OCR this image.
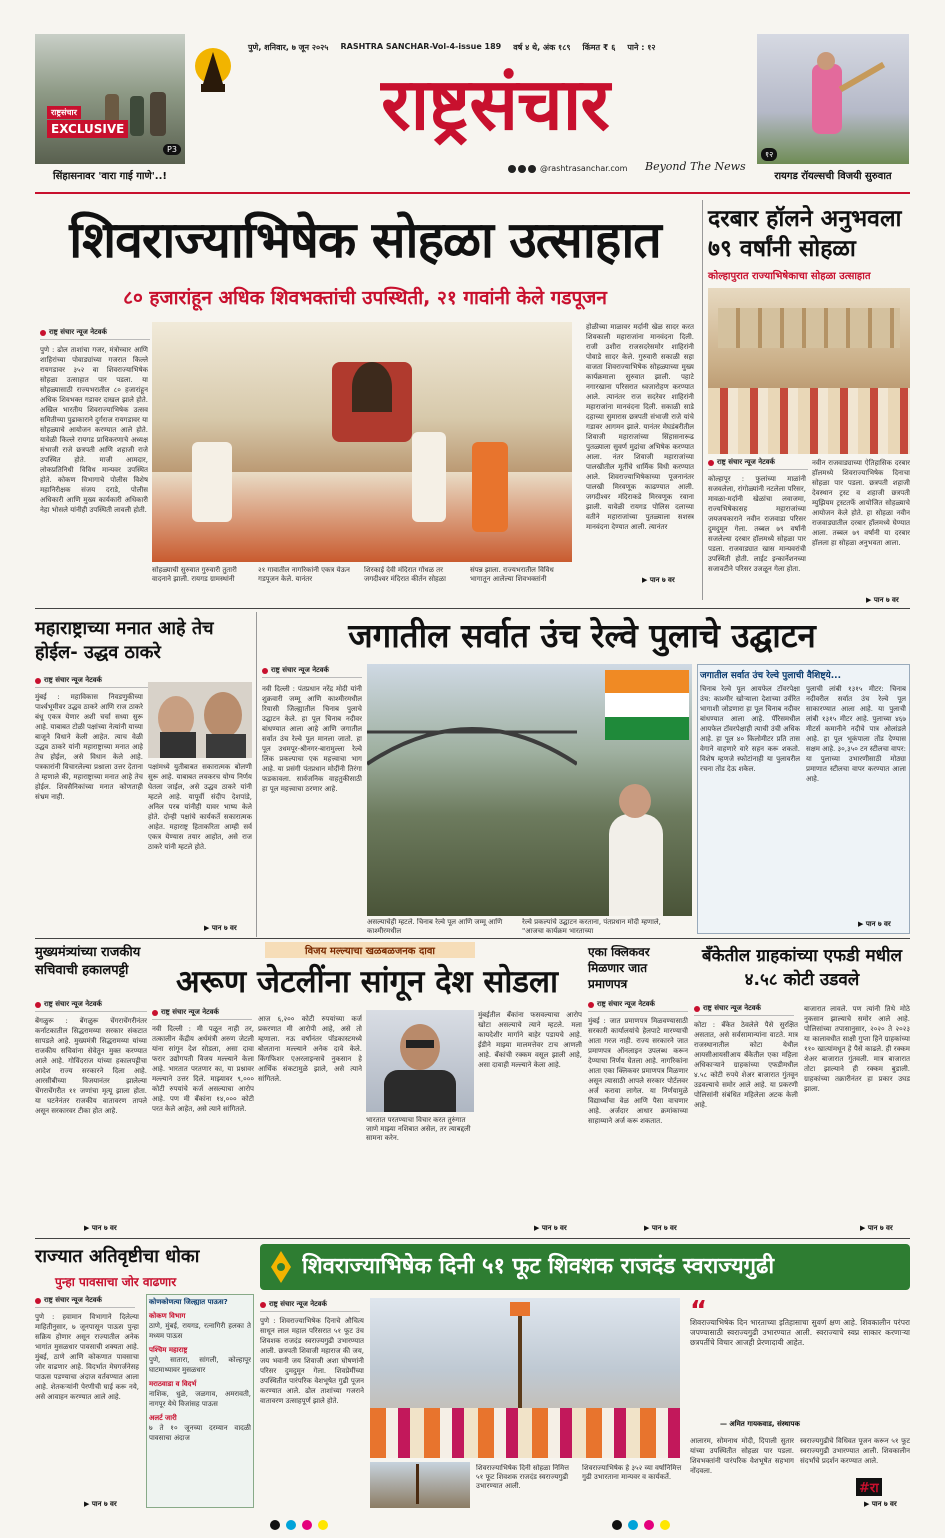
राष्ट्रसंचार
EXCLUSIVE
P3
सिंहासनावर 'वारा गाई गाणे'..!
पुणे, शनिवार, ७ जून २०२५ RASHTRA SANCHAR-Vol-4-issue 189 वर्ष ४ थे, अंक १८९ किंमत ₹ ६ पाने : १२
राष्ट्रसंचार
@rashtrasanchar.com Beyond The News
१२
रायगड रॉयल्सची विजयी सुरुवात
शिवराज्याभिषेक सोहळा उत्साहात
८० हजारांहून अधिक शिवभक्तांची उपस्थिती, २१ गावांनी केले गडपूजन
राष्ट्र संचार न्यूज नेटवर्क
पुणे : ढोल ताशांचा गजर, मंत्रोच्चार आणि शाहिरांच्या पोवाड्यांच्या गजरात किल्ले रायगडावर ३५२ वा शिवराज्याभिषेक सोहळा उत्साहात पार पडला. या सोहळ्यासाठी राज्यभरातील ८० हजारांहून अधिक शिवभक्त गडावर दाखल झाले होते. अखिल भारतीय शिवराज्याभिषेक उत्सव समितीच्या पुढाकाराने दुर्गराज रायगडावर या सोहळ्याचे आयोजन करण्यात आले होते. यावेळी किल्ले रायगड प्राधिकरणाचे अध्यक्ष संभाजी राजे छत्रपती आणि शहाजी राजे उपस्थित होते. माजी आमदार, लोकप्रतिनिधी विविध मान्यवर उपस्थित होते. कोकण विभागाचे पोलीस विशेष महानिरीक्षक संजय दराडे, पोलीस अधिकारी आणि मुख्य कार्यकारी अधिकारी नेहा भोसले यांनीही उपस्थिती लावली होती.
सोहळ्याची सुरुवात गुरुवारी तुतारी वादनाने झाली. रायगड ग्रामस्थांनी
२१ गावातील नागरिकांनी एकत्र येऊन गडपूजन केले. यानंतर
शिरकाई देवी मंदिरात गोंधळ तर जगदीश्वर मंदिरात कीर्तन सोहळा
संपन्न झाला. राज्यभरातील विविध भागातून आलेल्या शिवभक्तांनी
होळीच्या माळावर मर्दानी खेळ सादर करत शिवकाली महाराजांना मानवंदना दिली. राजी उशीरा राजसदरेसमोर शाहिरांनी पोवाडे सादर केले. गुरुवारी सकाळी सहा वाजता शिवराज्याभिषेक सोहळ्याच्या मुख्य कार्यक्रमाला सुरुवात झाली. पहाटे नगारखाना परिसरात ध्वजारोहण करण्यात आले. त्यानंतर राज सदरेवर शाहिरांनी महाराजांना मानवंदना दिली. सकाळी साडे दहाच्या सुमारास छत्रपती संभाजी राजे यांचे गडावर आगमन झाले. यानंतर मेघडंबरीतील शिवाजी महाराजांच्या सिंहासनारूढ पुतळ्याला सुवर्ण मुद्रांचा अभिषेक करण्यात आला. नंतर शिवाजी महाराजांच्या पालखीतील मूर्तीचे धार्मिक विधी करण्यात आले. शिवराज्याभिषेकाच्या पूजनानंतर पालखी मिरवणूक काढण्यात आली. जगदीश्वर मंदिराकडे मिरवणूक रवाना झाली. यावेळी रायगड पोलिस दलाच्या वतीने महाराजांच्या पुतळ्याला सशस्त्र मानवंदना देण्यात आली. त्यानंतर
▶ पान ७ वर
दरबार हॉलने अनुभवला ७९ वर्षांनी सोहळा
कोल्हापुरात राज्याभिषेकाचा सोहळा उत्साहात
राष्ट्र संचार न्यूज नेटवर्क
कोल्हापूर : फुलांच्या माळांनी सजवलेला, रांगोळ्यांनी नटलेला परिसर, मावळा-मर्दानी खेळांचा लवाजमा, राज्यभिषेकासह महाराजांच्या जयजयकाराने नवीन राजवाडा परिसर दुमदुमून गेला. तब्बल ७९ वर्षांनी सजलेल्या दरबार हॉलमध्ये सोहळा पार पडला. राजवाड्यात खास मान्यवरांची उपस्थिती होती. लाईट इन्कार्नेशनच्या सजावटीने परिसर उजळून गेला होता.
नवीन राजवाड्याच्या ऐतिहासिक दरबार हॉलमध्ये शिवराज्याभिषेक दिनाचा सोहळा पार पडला. छत्रपती शहाजी देवस्थान ट्रस्ट व शहाजी छत्रपती म्युझियम ट्रस्टतर्फे आयोजित सोहळ्याचे आयोजन केले होते. हा सोहळा नवीन राजवाड्यातील दरबार हॉलमध्ये घेण्यात आला. तब्बल ७९ वर्षांनी या दरबार हॉलला हा सोहळा अनुभवता आला.
▶ पान ७ वर
महाराष्ट्राच्या मनात आहे तेच होईल- उद्धव ठाकरे
राष्ट्र संचार न्यूज नेटवर्क
मुंबई : महाविकास निवडणुकीच्या पार्श्वभूमीवर उद्धव ठाकरे आणि राज ठाकरे बंधू एकत्र येणार अशी चर्चा सध्या सुरू आहे. याबाबत टोळी पक्षांच्या नेत्यांनी याच्या बाजूने विधाने केली आहेत. त्याच वेळी उद्धव ठाकरे यांनी महाराष्ट्राच्या मनात आहे तेच होईल, असे विधान केले आहे. पत्रकारांनी विचारलेल्या प्रश्नाला उत्तर देताना ते म्हणाले की, महाराष्ट्राच्या मनात आहे तेच होईल. शिवसैनिकांच्या मनात कोणताही संभ्रम नाही.
पक्षांमध्ये युतीबाबत सकारात्मक बोलणी सुरू आहे. याबाबत लवकरच योग्य निर्णय घेतला जाईल, असे उद्धव ठाकरे यांनी म्हटले आहे. यापूर्वी संदीप देशपांडे, अनिल परब यांनीही यावर भाष्य केले होते. दोन्ही पक्षांचे कार्यकर्ते सकारात्मक आहेत. महाराष्ट्र हिताकरिता आम्ही सर्व एकत्र येण्यास तयार आहोत, असे राज ठाकरे यांनी म्हटले होते.
▶ पान ७ वर
जगातील सर्वात उंच रेल्वे पुलाचे उद्घाटन
राष्ट्र संचार न्यूज नेटवर्क
नवी दिल्ली : पंतप्रधान नरेंद्र मोदी यांनी शुक्रवारी जम्मू आणि काश्मीरमधील रियासी जिल्ह्यातील चिनाब पुलाचे उद्घाटन केले. हा पूल चिनाब नदीवर बांधण्यात आला आहे आणि जगातील सर्वात उंच रेल्वे पूल मानला जातो. हा पूल उधमपूर-श्रीनगर-बारामुल्ला रेल्वे लिंक प्रकल्पाचा एक महत्त्वाचा भाग आहे. या प्रसंगी पंतप्रधान मोदींनी तिरंगा फडकावला. सार्वजनिक वाहतुकीसाठी हा पूल महत्त्वाचा ठरणार आहे.
असल्याचेही म्हटले. चिनाब रेल्वे पूल आणि जम्मू आणि काश्मीरमधील
रेल्वे प्रकल्पांचे उद्घाटन करताना, पंतप्रधान मोदी म्हणाले, "आजचा कार्यक्रम भारताच्या
जगातील सर्वात उंच रेल्वे पुलाची वैशिष्ट्ये...
चिनाब रेल्वे पूल आयफेल टॉवरपेक्षा उंच: काश्मीर खोऱ्याला देशाच्या उर्वरित भागाशी जोडणारा हा पूल चिनाब नदीवर बांधण्यात आला आहे. पॅरिसमधील आयफेल टॉवरपेक्षाही त्याची उंची अधिक आहे. हा पूल ४० किलोमीटर प्रति तास वेगाने वाहणारे वारे सहन करू शकतो. विशेष म्हणजे स्फोटांनाही या पुलावरील रचना तोंड देऊ शकेल.
पुलाची लांबी १३१५ मीटर: चिनाब नदीवरील सर्वात उंच रेल्वे पूल साकारण्यात आला आहे. या पुलाची लांबी १३१५ मीटर आहे. पुलाच्या ४६७ मीटर्स कमानीने नदीचे पात्र ओलांडले आहे. हा पूल भूकंपाला तोंड देण्यास सक्षम आहे. ३०,३५० टन स्टीलचा वापर: या पुलाच्या उभारणीसाठी मोठ्या प्रमाणात स्टीलचा वापर करण्यात आला आहे.
▶ पान ७ वर
मुख्यमंत्र्यांच्या राजकीय सचिवाची हकालपट्टी
राष्ट्र संचार न्यूज नेटवर्क
बेंगळुरू : बेंगळुरू चेंगराचेंगरीनंतर कर्नाटकातील सिद्धरामय्या सरकार संकटात सापडले आहे. मुख्यमंत्री सिद्धरामय्या यांच्या राजकीय सचिवांना सेवेतून मुक्त करण्यात आले आहे. गोविंदराज यांच्या हकालपट्टीचा आदेश राज्य सरकारने दिला आहे. आरसीबीच्या विजयानंतर झालेल्या चेंगराचेंगरीत ११ जणांचा मृत्यू झाला होता. या घटनेनंतर राजकीय वातावरण तापले असून सरकारवर टीका होत आहे.
▶ पान ७ वर
विजय मल्ल्याचा खळबळजनक दावा
अरूण जेटलींना सांगून देश सोडला
राष्ट्र संचार न्यूज नेटवर्क
नवी दिल्ली : मी पळून नाही तर, तत्कालीन केंद्रीय अर्थमंत्री अरुण जेटली यांना सांगून देश सोडला, असा दावा फरार उद्योगपती विजय मल्ल्याने केला आहे. भारतात परतणार का, या प्रश्नावर मल्ल्याने उत्तर दिले. माझ्यावर ९,००० कोटी रुपयांचे कर्ज असल्याचा आरोप आहे. पण मी बँकांना १४,००० कोटी परत केले आहेत, असे त्याने सांगितले.
आज ६,२०० कोटी रुपयांच्या कर्ज प्रकरणात मी आरोपी आहे, असे तो म्हणाला. नऊ वर्षांनंतर पॉडकास्टमध्ये बोलताना मल्ल्याने अनेक दावे केले. किंगफिशर एअरलाइन्सचे नुकसान हे आर्थिक संकटामुळे झाले, असे त्याने सांगितले.
भारतात परतण्याचा विचार करत तुरुंगात जाणे माझ्या नशिबात असेल, तर त्याबद्दली सामना करेन.
मुंबईतील बँकांना फसवल्याचा आरोप खोटा असल्याचे त्याने म्हटले. मला कायदेशीर मार्गाने बाहेर पडायचे आहे. ईडीने माझ्या मालमत्तेवर टाच आणली आहे. बँकांची रक्कम वसूल झाली आहे, असा दावाही मल्ल्याने केला आहे.
▶ पान ७ वर
एका क्लिकवर मिळणार जात प्रमाणपत्र
राष्ट्र संचार न्यूज नेटवर्क
मुंबई : जात प्रमाणपत्र मिळवण्यासाठी सरकारी कार्यालयांचे हेलपाटे मारण्याची आता गरज नाही. राज्य सरकारने जात प्रमाणपत्र ऑनलाइन उपलब्ध करून देण्याचा निर्णय घेतला आहे. नागरिकांना आता एका क्लिकवर प्रमाणपत्र मिळणार असून त्यासाठी आपले सरकार पोर्टलवर अर्ज करावा लागेल. या निर्णयामुळे विद्यार्थ्यांचा वेळ आणि पैसा वाचणार आहे. अर्जदार आधार क्रमांकाच्या साहाय्याने अर्ज करू शकतात.
▶ पान ७ वर
बँकेतील ग्राहकांच्या एफडी मधील ४.५८ कोटी उडवले
राष्ट्र संचार न्यूज नेटवर्क
कोटा : बँकेत ठेवलेले पैसे सुरक्षित असतात, असे सर्वसामान्यांना वाटते. मात्र राजस्थानातील कोटा येथील आयसीआयसीआय बँकेतील एका महिला अधिकाऱ्याने ग्राहकांच्या एफडीमधील ४.५८ कोटी रुपये शेअर बाजारात गुंतवून उडवल्याचे समोर आले आहे. या प्रकरणी पोलिसांनी संबंधित महिलेला अटक केली आहे.
बाजारात लावले. पण त्यांनी तिथे मोठे नुकसान झाल्याचे समोर आले आहे. पोलिसांच्या तपासानुसार, २०२० ते २०२३ या कालावधीत साक्षी गुप्ता हिने ग्राहकांच्या ११० खात्यांमधून हे पैसे काढले. ही रक्कम शेअर बाजारात गुंतवली. मात्र बाजारात तोटा झाल्याने ही रक्कम बुडाली. ग्राहकांच्या तक्रारीनंतर हा प्रकार उघड झाला.
▶ पान ७ वर
राज्यात अतिवृष्टीचा धोका
पुन्हा पावसाचा जोर वाढणार
राष्ट्र संचार न्यूज नेटवर्क
पुणे : हवामान विभागाने दिलेल्या माहितीनुसार, ७ जूनपासून पाऊस पुन्हा सक्रिय होणार असून राज्यातील अनेक भागांत मुसळधार पावसाची शक्यता आहे. मुंबई, ठाणे आणि कोकणात पावसाचा जोर वाढणार आहे. विदर्भात मेघगर्जनेसह पाऊस पडण्याचा अंदाज वर्तवण्यात आला आहे. शेतकऱ्यांनी पेरणीची घाई करू नये, असे आवाहन करण्यात आले आहे.
कोणकोणत्या जिल्ह्यात पाऊस?
कोकण विभाग
ठाणे, मुंबई, रायगड, रत्नागिरी हलका ते मध्यम पाऊस
पश्चिम महाराष्ट्र
पुणे, सातारा, सांगली, कोल्हापूर घाटमाथ्यावर मुसळधार
मराठवाडा व विदर्भ
नाशिक, धुळे, जळगाव, अमरावती, नागपूर येथे विजांसह पाऊस
अलर्ट जारी
७ ते १० जूनच्या दरम्यान वादळी पावसाचा अंदाज
▶ पान ७ वर
शिवराज्याभिषेक दिनी ५१ फूट शिवशक राजदंड स्वराज्यगुढी
राष्ट्र संचार न्यूज नेटवर्क
पुणे : शिवराज्याभिषेक दिनाचे औचित्य साधून लाल महाल परिसरात ५१ फूट उंच शिवशक राजदंड स्वराज्यगुढी उभारण्यात आली. छत्रपती शिवाजी महाराज की जय, जय भवानी जय शिवाजी अशा घोषणांनी परिसर दुमदुमून गेला. शिवप्रेमींच्या उपस्थितीत पारंपरिक वेशभूषेत गुढी पूजन करण्यात आले. ढोल ताशांच्या गजराने वातावरण उत्साहपूर्ण झाले होते.
शिवराज्याभिषेक दिनी सोहळा निमित्त ५१ फूट शिवशक राजदंड स्वराज्यगुढी उभारण्यात आली.
शिवराज्याभिषेक हे ३५२ व्या वर्षानिमित्त गुढी उभारताना मान्यवर व कार्यकर्ते.
“
शिवराज्याभिषेक दिन भारताच्या इतिहासाचा सुवर्ण क्षण आहे. शिवकालीन परंपरा जपण्यासाठी स्वराज्यगुढी उभारण्यात आली. स्वराज्याचे स्वप्न साकार करणाऱ्या छत्रपतींचे विचार आजही प्रेरणादायी आहेत.
— अमित गायकवाड, संस्थापक
आलारम, सोमनाथ मोदी, दिपाली सुतार यांच्या उपस्थितीत सोहळा पार पडला. शिवभक्तांनी पारंपरिक वेशभूषेत सहभाग नोंदवला.
स्वराज्यगुढीचे विधिवत पूजन करून ५१ फूट स्वराज्यगुढी उभारण्यात आली. शिवकालीन संदर्भांचे प्रदर्शन करण्यात आले.
#रा
▶ पान ७ वर
